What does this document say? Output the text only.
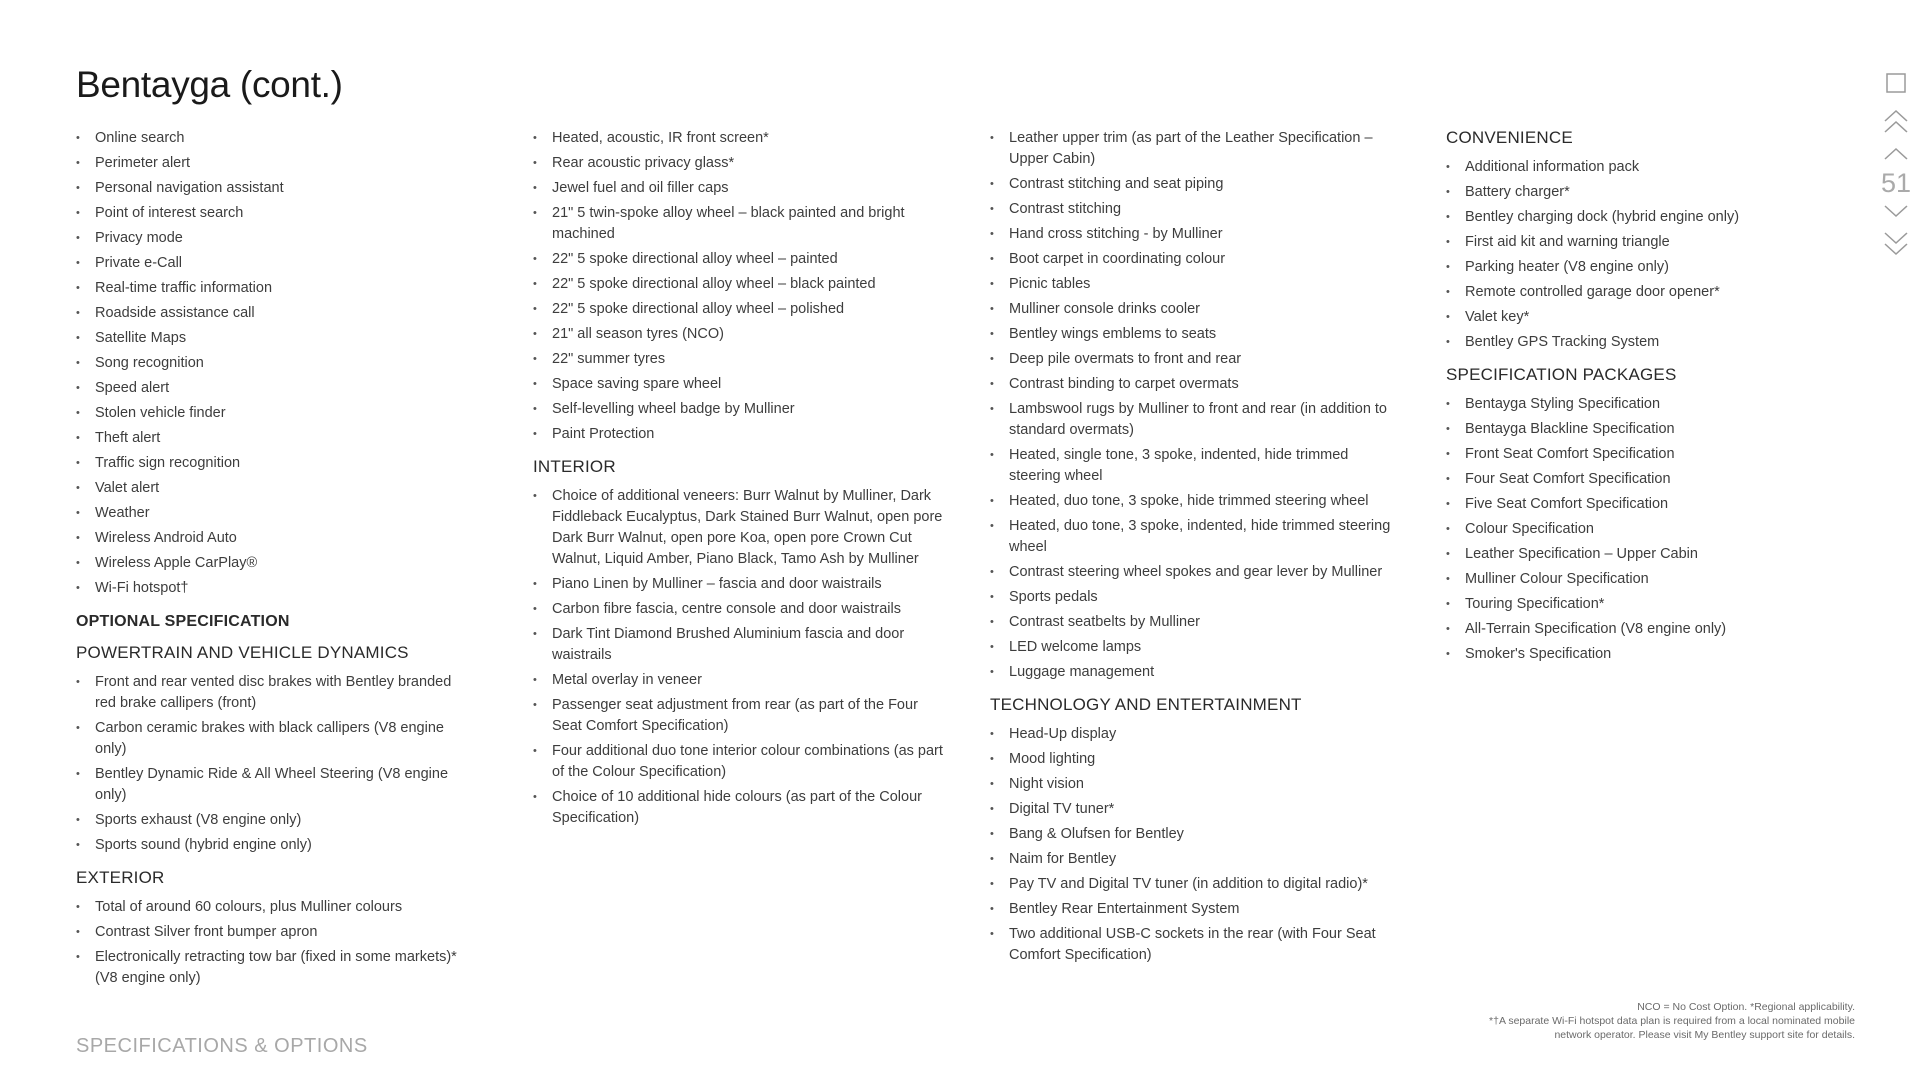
Bentayga (cont.)
• Online search
• Perimeter alert
• Personal navigation assistant
• Point of interest search
• Privacy mode
• Private e-Call
• Real-time traffic information
• Roadside assistance call
• Satellite Maps
• Song recognition
• Speed alert
• Stolen vehicle finder
• Theft alert
• Traffic sign recognition
• Valet alert
• Weather
• Wireless Android Auto
• Wireless Apple CarPlay®
• Wi-Fi hotspot†
OPTIONAL SPECIFICATION
POWERTRAIN AND VEHICLE DYNAMICS
• Front and rear vented disc brakes with Bentley branded red brake callipers (front)
• Carbon ceramic brakes with black callipers (V8 engine only)
• Bentley Dynamic Ride & All Wheel Steering (V8 engine only)
• Sports exhaust (V8 engine only)
• Sports sound (hybrid engine only)
EXTERIOR
• Total of around 60 colours, plus Mulliner colours
• Contrast Silver front bumper apron
• Electronically retracting tow bar (fixed in some markets)* (V8 engine only)
• Heated, acoustic, IR front screen*
• Rear acoustic privacy glass*
• Jewel fuel and oil filler caps
• 21" 5 twin-spoke alloy wheel – black painted and bright machined
• 22" 5 spoke directional alloy wheel – painted
• 22" 5 spoke directional alloy wheel – black painted
• 22" 5 spoke directional alloy wheel – polished
• 21" all season tyres (NCO)
• 22" summer tyres
• Space saving spare wheel
• Self-levelling wheel badge by Mulliner
• Paint Protection
INTERIOR
• Choice of additional veneers: Burr Walnut by Mulliner, Dark Fiddleback Eucalyptus, Dark Stained Burr Walnut, open pore Dark Burr Walnut, open pore Koa, open pore Crown Cut Walnut, Liquid Amber, Piano Black, Tamo Ash by Mulliner
• Piano Linen by Mulliner – fascia and door waistrails
• Carbon fibre fascia, centre console and door waistrails
• Dark Tint Diamond Brushed Aluminium fascia and door waistrails
• Metal overlay in veneer
• Passenger seat adjustment from rear (as part of the Four Seat Comfort Specification)
• Four additional duo tone interior colour combinations (as part of the Colour Specification)
• Choice of 10 additional hide colours (as part of the Colour Specification)
• Leather upper trim (as part of the Leather Specification – Upper Cabin)
• Contrast stitching and seat piping
• Contrast stitching
• Hand cross stitching - by Mulliner
• Boot carpet in coordinating colour
• Picnic tables
• Mulliner console drinks cooler
• Bentley wings emblems to seats
• Deep pile overmats to front and rear
• Contrast binding to carpet overmats
• Lambswool rugs by Mulliner to front and rear (in addition to standard overmats)
• Heated, single tone, 3 spoke, indented, hide trimmed steering wheel
• Heated, duo tone, 3 spoke, hide trimmed steering wheel
• Heated, duo tone, 3 spoke, indented, hide trimmed steering wheel
• Contrast steering wheel spokes and gear lever by Mulliner
• Sports pedals
• Contrast seatbelts by Mulliner
• LED welcome lamps
• Luggage management
TECHNOLOGY AND ENTERTAINMENT
• Head-Up display
• Mood lighting
• Night vision
• Digital TV tuner*
• Bang & Olufsen for Bentley
• Naim for Bentley
• Pay TV and Digital TV tuner (in addition to digital radio)*
• Bentley Rear Entertainment System
• Two additional USB-C sockets in the rear (with Four Seat Comfort Specification)
CONVENIENCE
• Additional information pack
• Battery charger*
• Bentley charging dock (hybrid engine only)
• First aid kit and warning triangle
• Parking heater (V8 engine only)
• Remote controlled garage door opener*
• Valet key*
• Bentley GPS Tracking System
SPECIFICATION PACKAGES
• Bentayga Styling Specification
• Bentayga Blackline Specification
• Front Seat Comfort Specification
• Four Seat Comfort Specification
• Five Seat Comfort Specification
• Colour Specification
• Leather Specification – Upper Cabin
• Mulliner Colour Specification
• Touring Specification*
• All-Terrain Specification (V8 engine only)
• Smoker's Specification
SPECIFICATIONS & OPTIONS
NCO = No Cost Option. *Regional applicability.
*†A separate Wi-Fi hotspot data plan is required from a local nominated mobile
network operator. Please visit My Bentley support site for details.
51
